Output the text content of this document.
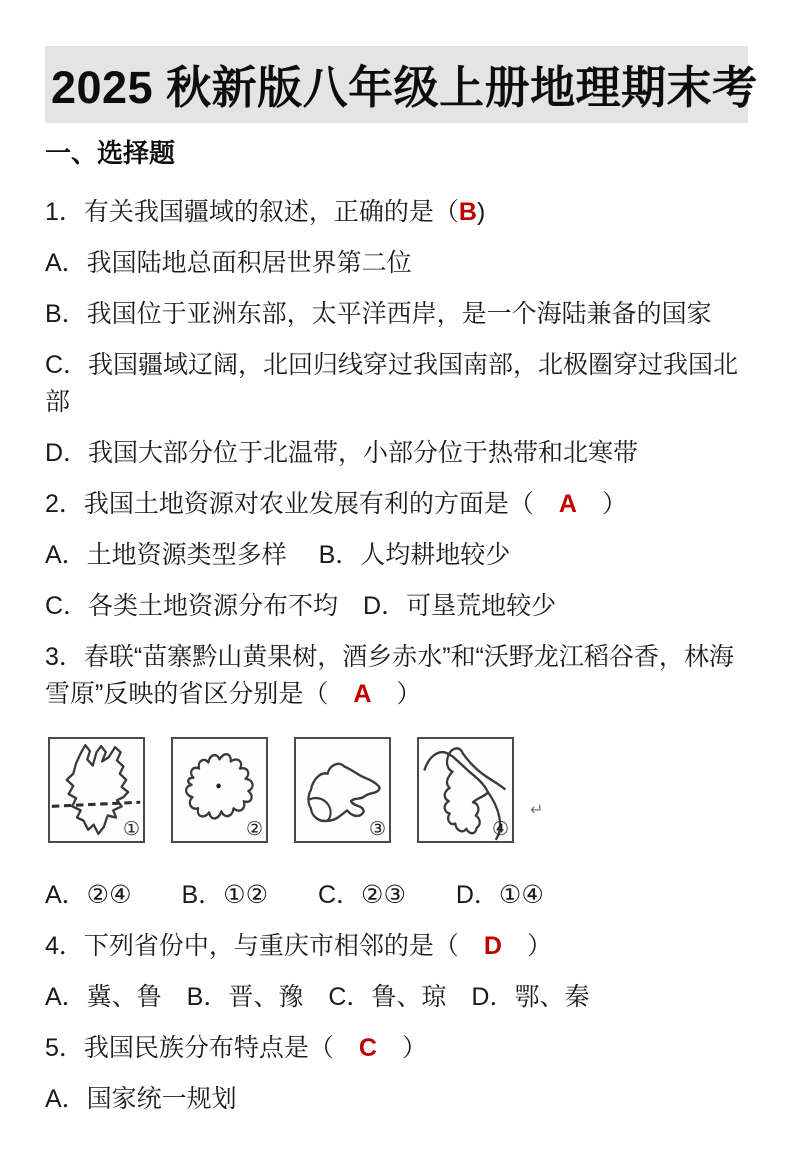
2025 秋新版八年级上册地理期末考
一、选择题

1．有关我国疆域的叙述，正确的是（B)

A．我国陆地总面积居世界第二位

B．我国位于亚洲东部，太平洋西岸，是一个海陆兼备的国家

C．我国疆域辽阔，北回归线穿过我国南部，北极圈穿过我国北部

D．我国大部分位于北温带，小部分位于热带和北寒带

2．我国土地资源对农业发展有利的方面是（　A　）

A．土地资源类型多样　 B．人均耕地较少

C．各类土地资源分布不均　D．可垦荒地较少

3．春联“苗寨黔山黄果树，酒乡赤水”和“沃野龙江稻谷香，林海雪原”反映的省区分别是（　A　）

①	②	③	④
↵

A．②④　　B．①②　　C．②③　　D．①④

4．下列省份中，与重庆市相邻的是（　D　）

A．冀、鲁　B．晋、豫　C．鲁、琼　D．鄂、秦

5．我国民族分布特点是（　C　）

A．国家统一规划
